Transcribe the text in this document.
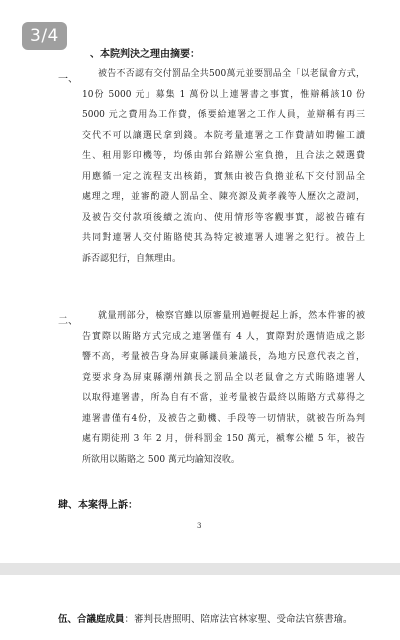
、本院判決之理由摘要：
一、	被告不否認有交付罰品全共500萬元並要罰品全「以老鼠會方式，
10份 5000 元」募集 1 萬份以上連署書之事實，惟辯稱該10 份
5000 元之費用為工作費，係要給連署之工作人員，並辯稱有再三
交代不可以讓選民拿到錢。本院考量連署之工作費請如聘僱工讀
生、租用影印機等，均係由郭台銘辦公室負擔，且合法之競選費
用應循一定之流程支出核銷，實無由被告負擔並私下交付罰品全
處理之理，並審酌證人罰品全、陳亮源及黃孝義等人歷次之證詞，
及被告交付款項後續之流向、使用情形等客觀事實，認被告確有
共同對連署人交付賄賂使其為特定被連署人連署之犯行。被告上
訴否認犯行，自無理由。
二、	就量刑部分，檢察官雖以原審量刑過輕提起上訴，然本件審的被
告實際以賄賂方式完成之連署僅有 4 人，實際對於選情造成之影
響不高，考量被告身為屏東縣議員兼議長，為地方民意代表之首，
竟要求身為屏東縣潮州鎮長之罰品全以老鼠會之方式賄賂連署人
以取得連署書，所為自有不當，並考量被告最終以賄賂方式募得之
連署書僅有4份，及被告之動機、手段等一切情狀，就被告所為判
處有期徒刑 3 年 2 月，併科罰金 150 萬元，褫奪公權 5 年，被告
所欲用以賄賂之 500 萬元均諭知沒收。
肆、本案得上訴：
3
3/4
伍、合議庭成員：審判長唐照明、陪席法官林家聖、受命法官蔡書瑜。
